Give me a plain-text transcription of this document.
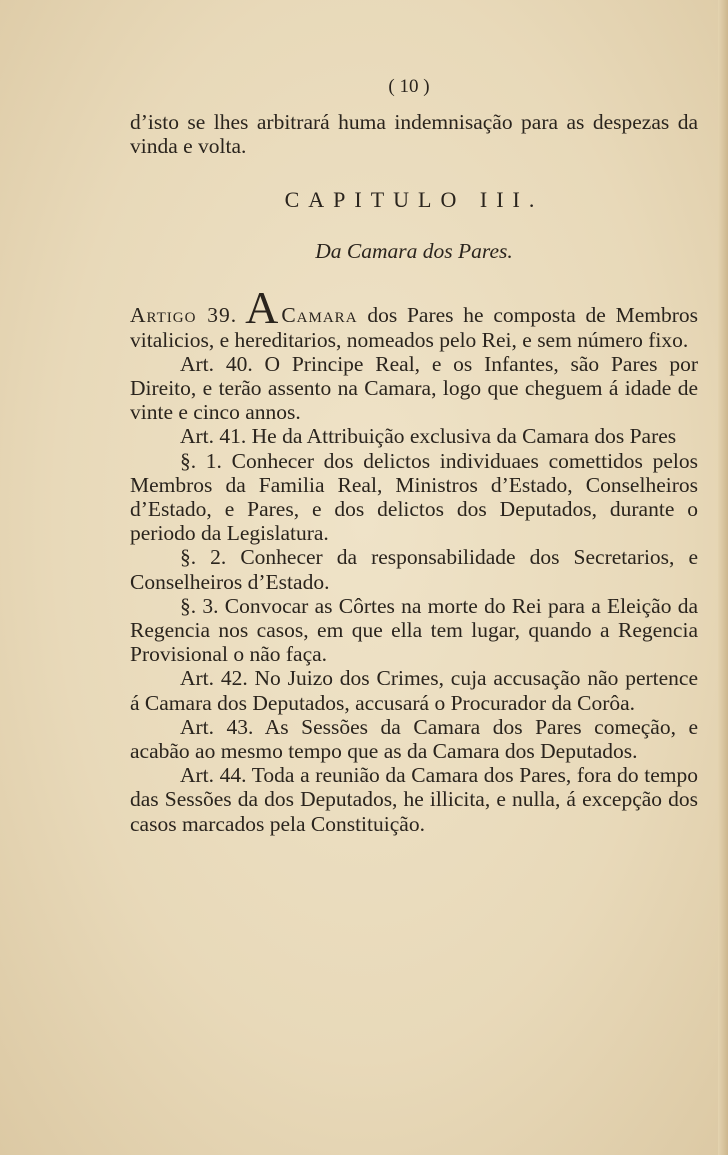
( 10 )
d’isto se lhes arbitrará huma indemnisação para as despezas da vinda e volta.
CAPITULO III.
Da Camara dos Pares.
Artigo 39. A Camara dos Pares he composta de Membros vitalicios, e hereditarios, nomeados pelo Rei, e sem número fixo.
Art. 40. O Principe Real, e os Infantes, são Pares por Direito, e terão assento na Camara, logo que cheguem á idade de vinte e cinco annos.
Art. 41. He da Attribuição exclusiva da Camara dos Pares
§. 1. Conhecer dos delictos individuaes comettidos pelos Membros da Familia Real, Ministros d’Estado, Conselheiros d’Estado, e Pares, e dos delictos dos Deputados, durante o periodo da Legislatura.
§. 2. Conhecer da responsabilidade dos Secretarios, e Conselheiros d’Estado.
§. 3. Convocar as Côrtes na morte do Rei para a Eleição da Regencia nos casos, em que ella tem lugar, quando a Regencia Provisional o não faça.
Art. 42. No Juizo dos Crimes, cuja accusação não pertence á Camara dos Deputados, accusará o Procurador da Corôa.
Art. 43. As Sessões da Camara dos Pares começão, e acabão ao mesmo tempo que as da Camara dos Deputados.
Art. 44. Toda a reunião da Camara dos Pares, fora do tempo das Sessões da dos Deputados, he illicita, e nulla, á excepção dos casos marcados pela Constituição.
